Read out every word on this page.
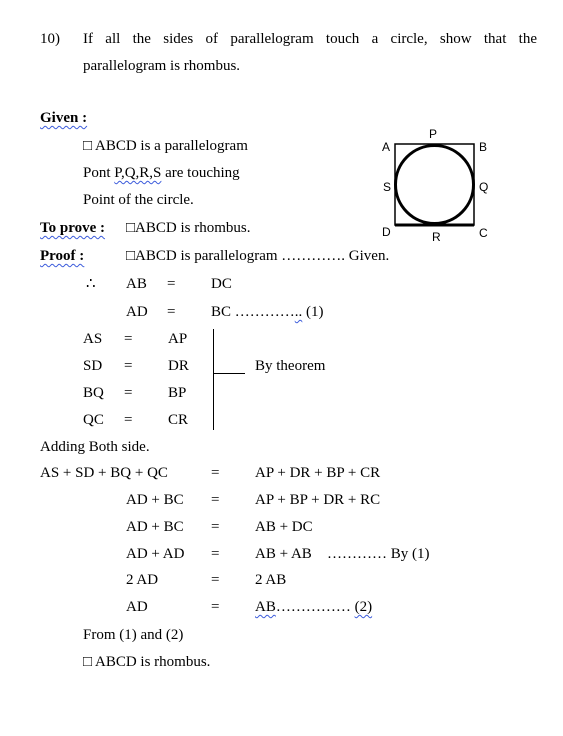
10) If all the sides of parallelogram touch a circle, show that the
parallelogram is rhombus.
Given :
□ ABCD is a parallelogram
Pont P,Q,R,S are touching
Point of the circle.
A
P
B
S	Q
D	R	C
To prove : □ABCD is rhombus.
Proof :	□ABCD is parallelogram …………. Given.
∴ AB = DC
AD = BC ………….. (1)
AS = AP
SD = DR
BQ = BP
QC = CR
By theorem
Adding Both side.
AS + SD + BQ + QC	= AP + DR + BP + CR
AD + BC = AP + BP + DR + RC
AD + BC = AB + DC
AD + AD = AB + AB ………… By (1)
2 AD	= 2 AB
AD	= AB…………… (2)
From (1) and (2)
□ ABCD is rhombus.
